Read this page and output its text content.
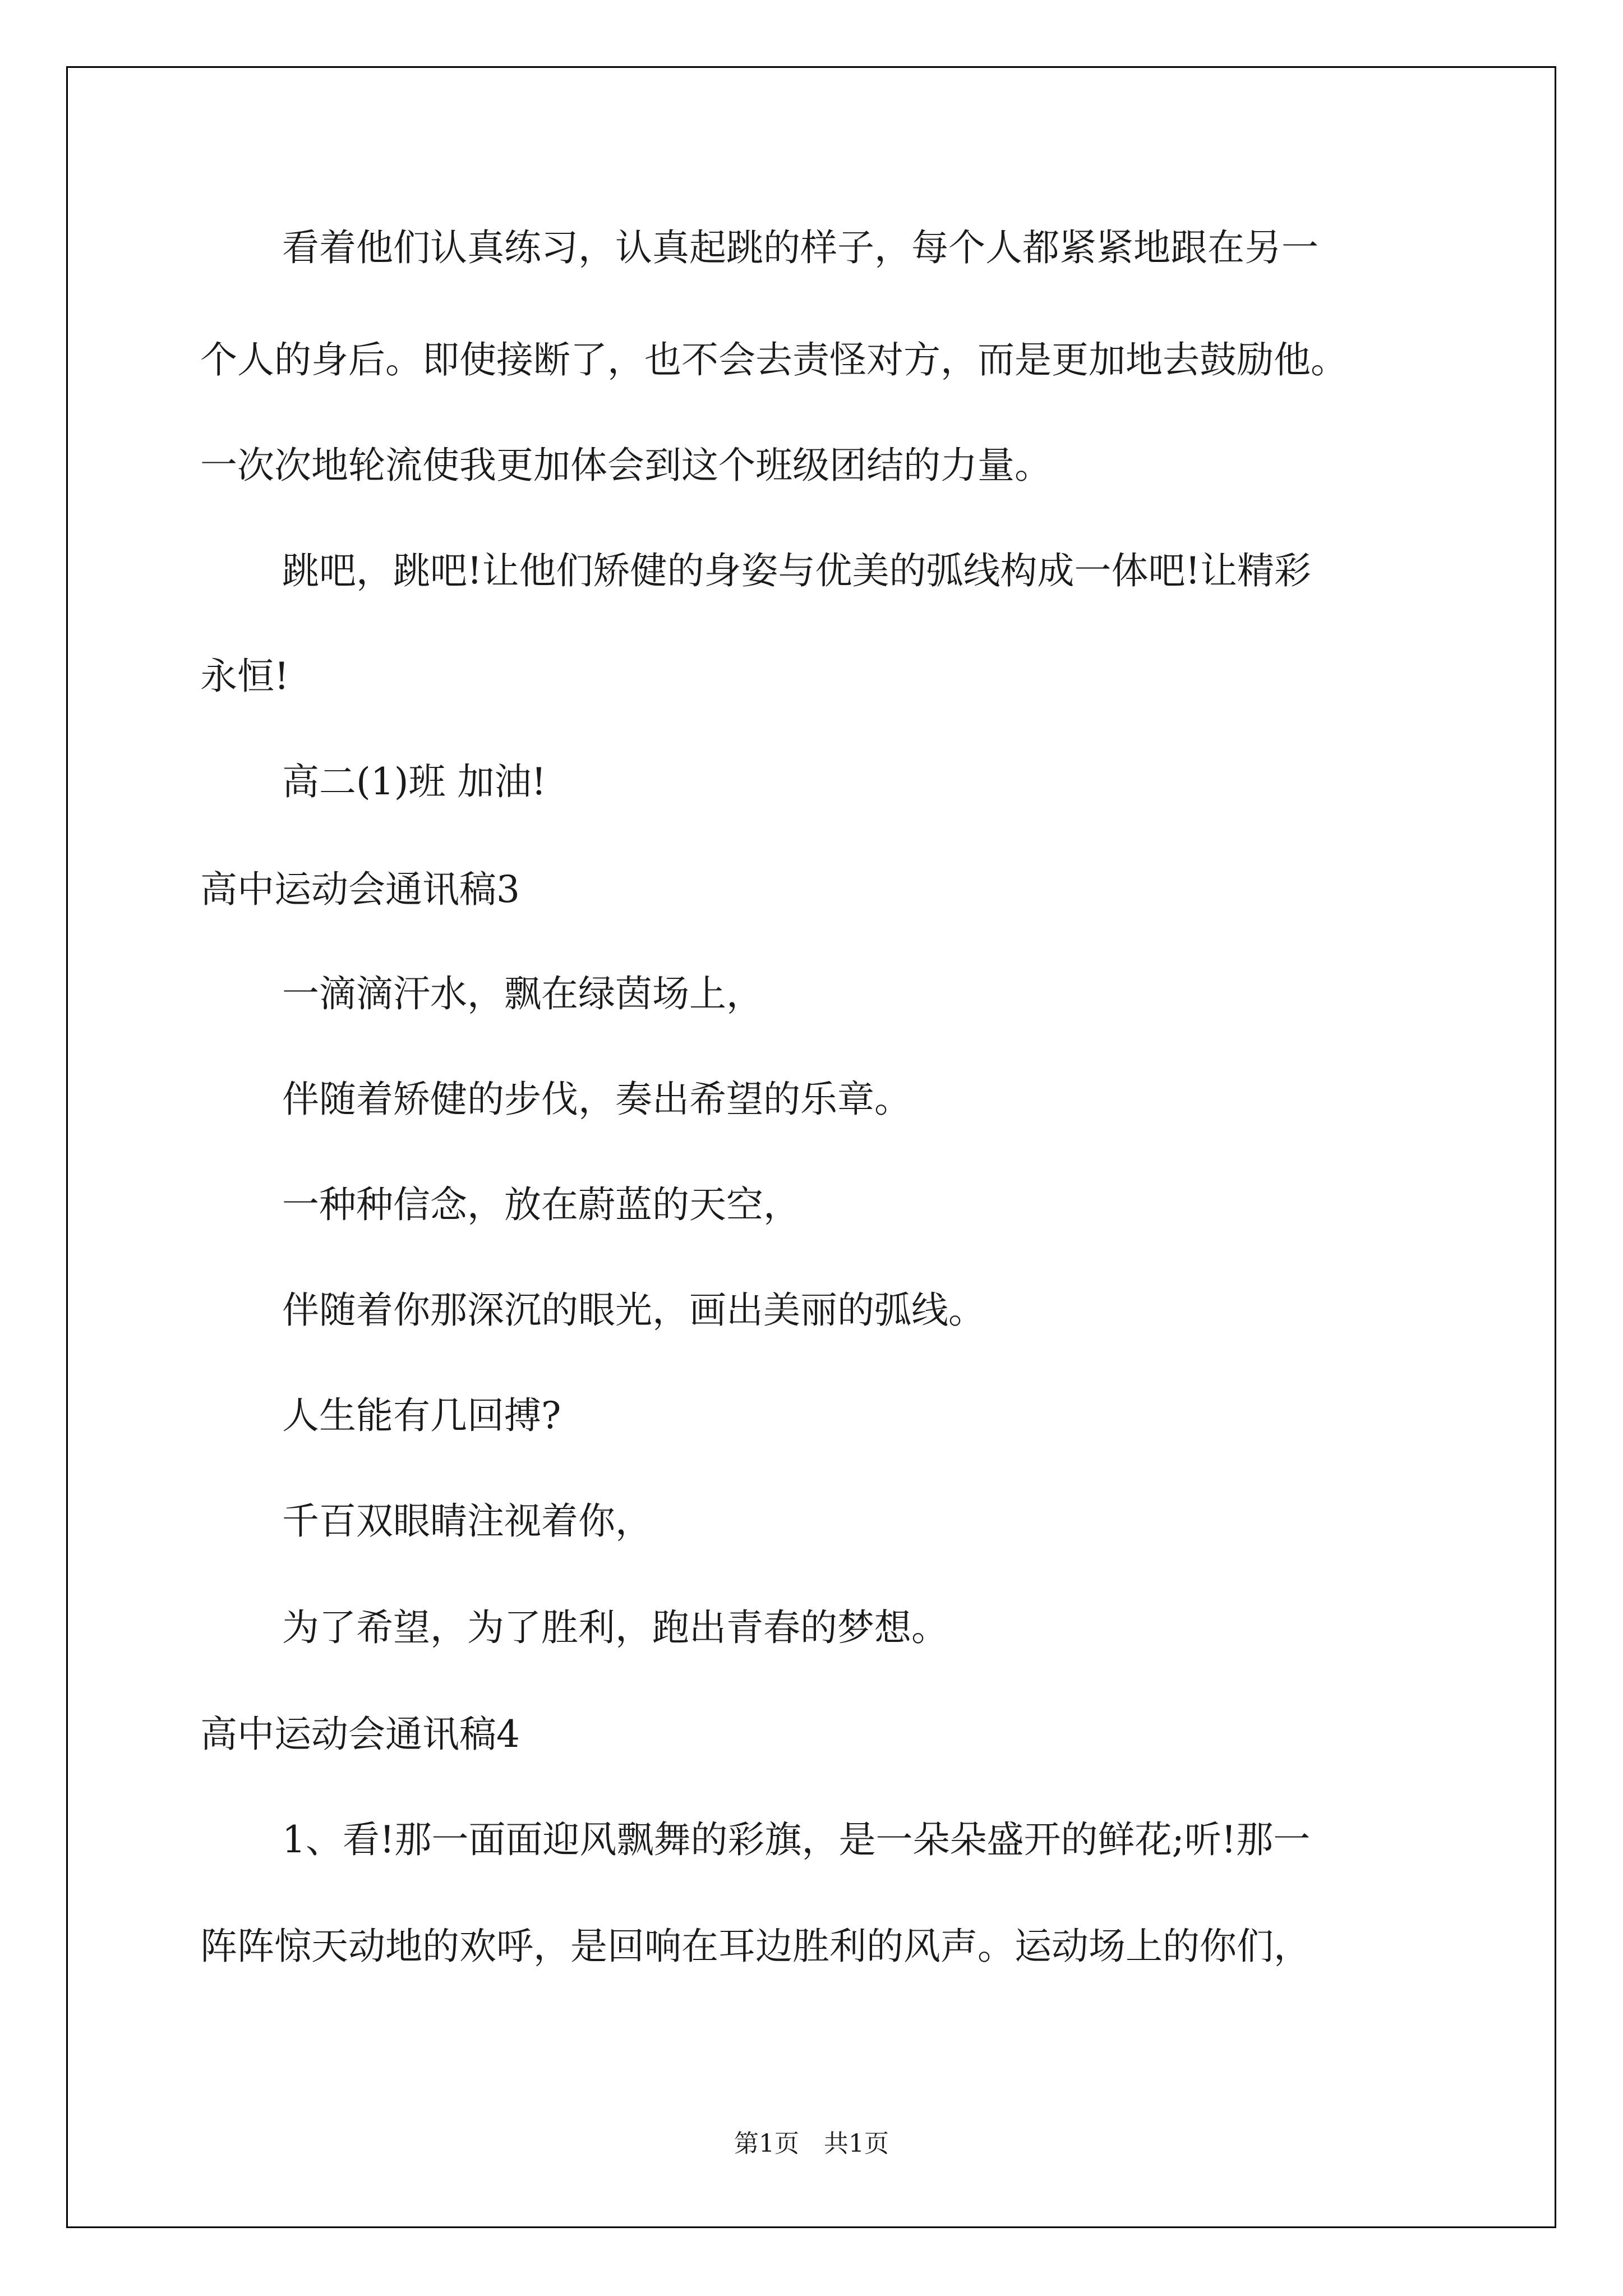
看着他们认真练习，认真起跳的样子，每个人都紧紧地跟在另一
个人的身后。即使接断了，也不会去责怪对方，而是更加地去鼓励他。
一次次地轮流使我更加体会到这个班级团结的力量。
跳吧，跳吧!让他们矫健的身姿与优美的弧线构成一体吧!让精彩
永恒!
高二(1)班 加油!
高中运动会通讯稿3
一滴滴汗水，飘在绿茵场上，
伴随着矫健的步伐，奏出希望的乐章。
一种种信念，放在蔚蓝的天空，
伴随着你那深沉的眼光，画出美丽的弧线。
人生能有几回搏?
千百双眼睛注视着你，
为了希望，为了胜利，跑出青春的梦想。
高中运动会通讯稿4
1、看!那一面面迎风飘舞的彩旗，是一朵朵盛开的鲜花;听!那一
阵阵惊天动地的欢呼，是回响在耳边胜利的风声。运动场上的你们，
第1页　共1页
